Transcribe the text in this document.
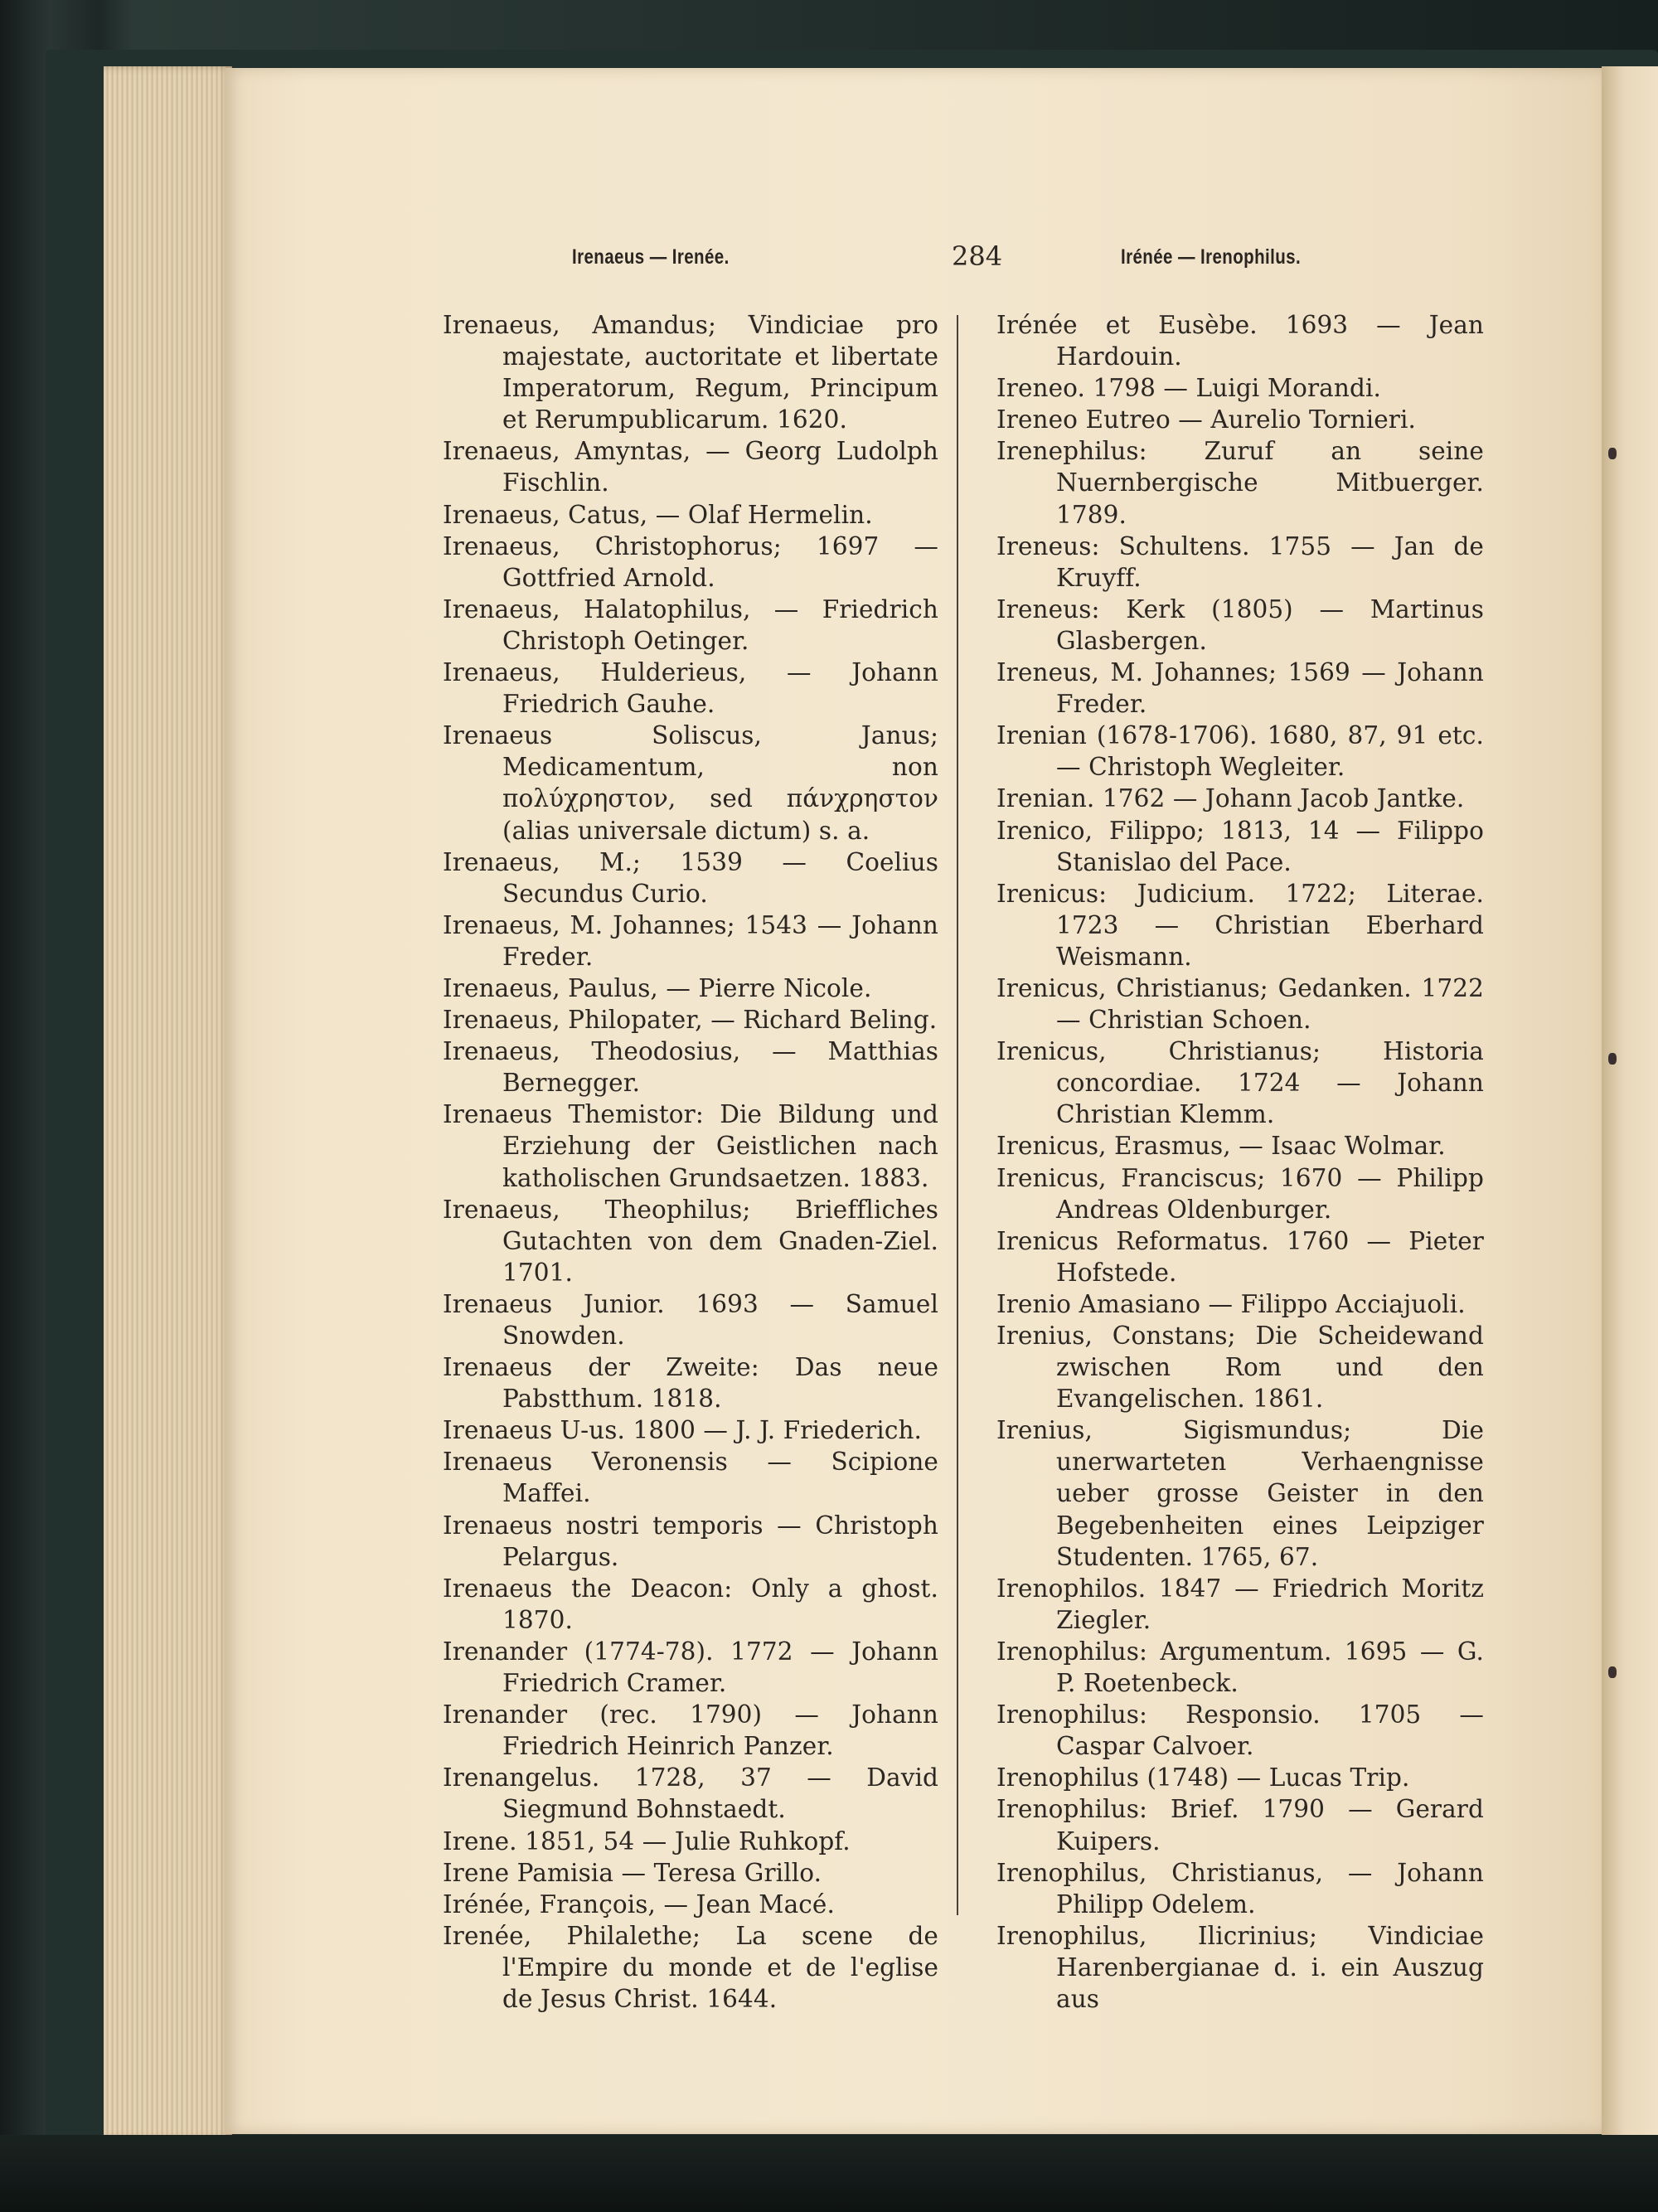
Irenaeus — Irenée.	284	Irénée — Irenophilus.

Irenaeus, Amandus; Vindiciae pro majestate, auctoritate et libertate Imperatorum, Regum, Principum et Rerumpublicarum. 1620.

Irenaeus, Amyntas, — Georg Ludolph Fischlin.

Irenaeus, Catus, — Olaf Hermelin.

Irenaeus, Christophorus; 1697 — Gottfried Arnold.

Irenaeus, Halatophilus, — Friedrich Christoph Oetinger.

Irenaeus, Hulderieus, — Johann Friedrich Gauhe.

Irenaeus Soliscus, Janus; Medicamentum, non πολύχρηστον, sed πάνχρηστον (alias universale dictum) s. a.

Irenaeus, M.; 1539 — Coelius Secundus Curio.

Irenaeus, M. Johannes; 1543 — Johann Freder.

Irenaeus, Paulus, — Pierre Nicole.

Irenaeus, Philopater, — Richard Beling.

Irenaeus, Theodosius, — Matthias Bernegger.

Irenaeus Themistor: Die Bildung und Erziehung der Geistlichen nach katholischen Grundsaetzen. 1883.

Irenaeus, Theophilus; Brieffliches Gutachten von dem Gnaden-Ziel. 1701.

Irenaeus Junior. 1693 — Samuel Snowden.

Irenaeus der Zweite: Das neue Pabstthum. 1818.

Irenaeus U-us. 1800 — J. J. Friederich.

Irenaeus Veronensis — Scipione Maffei.

Irenaeus nostri temporis — Christoph Pelargus.

Irenaeus the Deacon: Only a ghost. 1870.

Irenander (1774-78). 1772 — Johann Friedrich Cramer.

Irenander (rec. 1790) — Johann Friedrich Heinrich Panzer.

Irenangelus. 1728, 37 — David Siegmund Bohnstaedt.

Irene. 1851, 54 — Julie Ruhkopf.

Irene Pamisia — Teresa Grillo.

Irénée, François, — Jean Macé.

Irenée, Philalethe; La scene de l'Empire du monde et de l'eglise de Jesus Christ. 1644.

Irénée et Eusèbe. 1693 — Jean Hardouin.

Ireneo. 1798 — Luigi Morandi.

Ireneo Eutreo — Aurelio Tornieri.

Irenephilus: Zuruf an seine Nuernbergische Mitbuerger. 1789.

Ireneus: Schultens. 1755 — Jan de Kruyff.

Ireneus: Kerk (1805) — Martinus Glasbergen.

Ireneus, M. Johannes; 1569 — Johann Freder.

Irenian (1678-1706). 1680, 87, 91 etc. — Christoph Wegleiter.

Irenian. 1762 — Johann Jacob Jantke.

Irenico, Filippo; 1813, 14 — Filippo Stanislao del Pace.

Irenicus: Judicium. 1722; Literae. 1723 — Christian Eberhard Weismann.

Irenicus, Christianus; Gedanken. 1722 — Christian Schoen.

Irenicus, Christianus; Historia concordiae. 1724 — Johann Christian Klemm.

Irenicus, Erasmus, — Isaac Wolmar.

Irenicus, Franciscus; 1670 — Philipp Andreas Oldenburger.

Irenicus Reformatus. 1760 — Pieter Hofstede.

Irenio Amasiano — Filippo Acciajuoli.

Irenius, Constans; Die Scheidewand zwischen Rom und den Evangelischen. 1861.

Irenius, Sigismundus; Die unerwarteten Verhaengnisse ueber grosse Geister in den Begebenheiten eines Leipziger Studenten. 1765, 67.

Irenophilos. 1847 — Friedrich Moritz Ziegler.

Irenophilus: Argumentum. 1695 — G. P. Roetenbeck.

Irenophilus: Responsio. 1705 — Caspar Calvoer.

Irenophilus (1748) — Lucas Trip.

Irenophilus: Brief. 1790 — Gerard Kuipers.

Irenophilus, Christianus, — Johann Philipp Odelem.

Irenophilus, Ilicrinius; Vindiciae Harenbergianae d. i. ein Auszug aus
